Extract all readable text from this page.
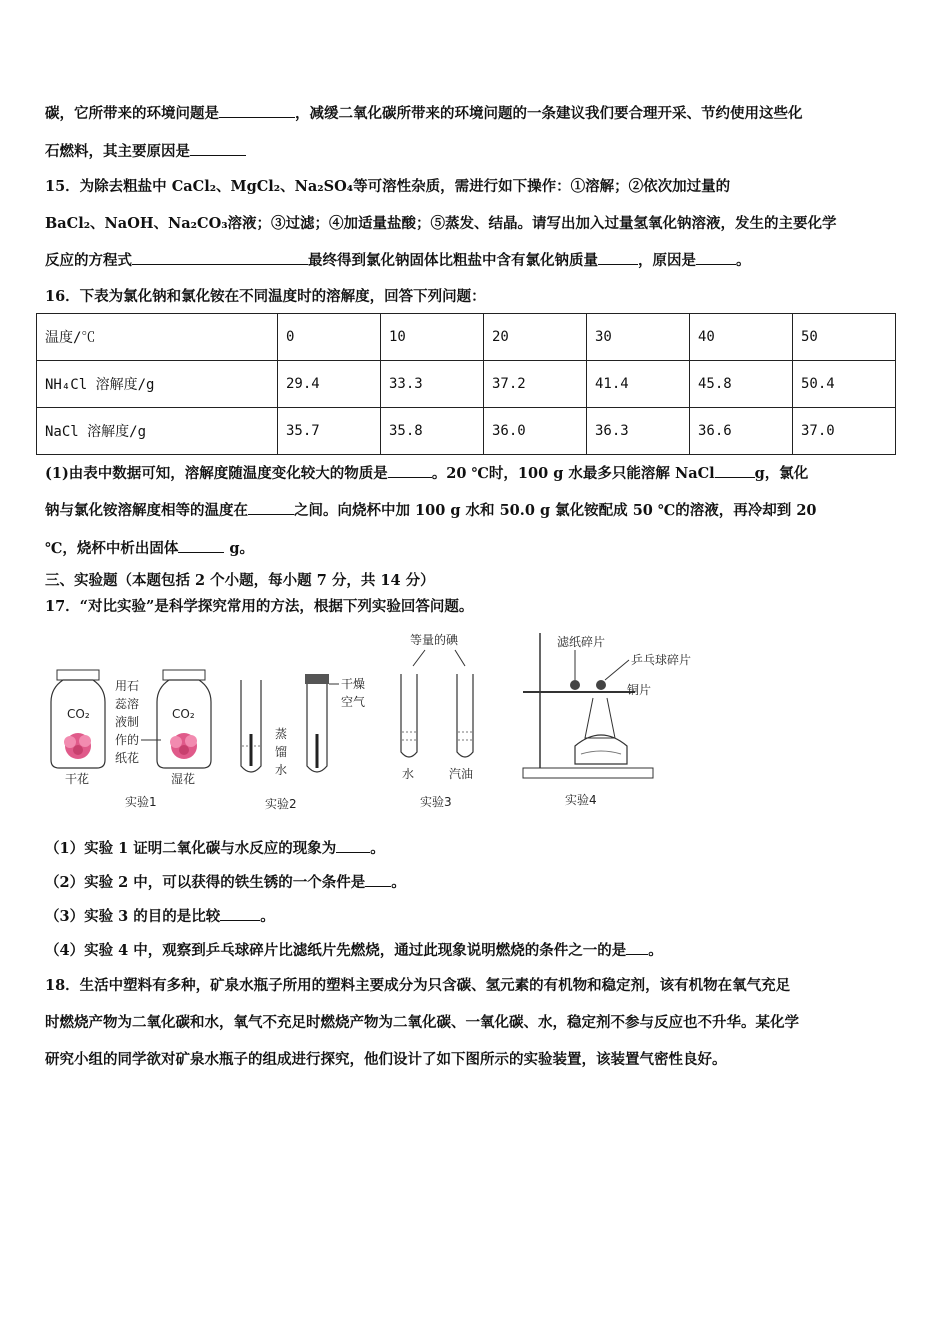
碳，它所带来的环境问题是	，减缓二氧化碳所带来的环境问题的一条建议我们要合理开采、节约使用这些化
石燃料，其主要原因是
15．为除去粗盐中 CaCl₂、MgCl₂、Na₂SO₄等可溶性杂质，需进行如下操作：①溶解；②依次加过量的
BaCl₂、NaOH、Na₂CO₃溶液；③过滤；④加适量盐酸；⑤蒸发、结晶。请写出加入过量氢氧化钠溶液，发生的主要化学
反应的方程式	最终得到氯化钠固体比粗盐中含有氯化钠质量	，原因是	。
16．下表为氯化钠和氯化铵在不同温度时的溶解度，回答下列问题：
温度/℃	0	10	20	30	40	50
NH₄Cl 溶解度/g	29.4	33.3	37.2	41.4	45.8	50.4
NaCl 溶解度/g	35.7	35.8	36.0	36.3	36.6	37.0
(1)由表中数据可知，溶解度随温度变化较大的物质是	。20 ℃时，100 g 水最多只能溶解 NaCl	g，氯化
钠与氯化铵溶解度相等的温度在	之间。向烧杯中加 100 g 水和 50.0 g 氯化铵配成 50 ℃的溶液，再冷却到 20
℃，烧杯中析出固体	g。
三、实验题（本题包括 2 个小题，每小题 7 分，共 14 分）
17．“对比实验”是科学探究常用的方法，根据下列实验回答问题。
CO₂
干花
用石
蕊溶
液制
作的
纸花
CO₂
湿花
实验1
蒸
馏
水
干燥
空气
实验2
等量的碘
水	汽油
实验3
滤纸碎片
乒乓球碎片
铜片
实验4
（1）实验 1 证明二氧化碳与水反应的现象为 。
（2）实验 2 中，可以获得的铁生锈的一个条件是 。
（3）实验 3 的目的是比较	。
（4）实验 4 中，观察到乒乓球碎片比滤纸片先燃烧，通过此现象说明燃烧的条件之一的是 。
18．生活中塑料有多种，矿泉水瓶子所用的塑料主要成分为只含碳、氢元素的有机物和稳定剂，该有机物在氧气充足
时燃烧产物为二氧化碳和水，氧气不充足时燃烧产物为二氧化碳、一氧化碳、水，稳定剂不参与反应也不升华。某化学
研究小组的同学欲对矿泉水瓶子的组成进行探究，他们设计了如下图所示的实验装置，该装置气密性良好。
